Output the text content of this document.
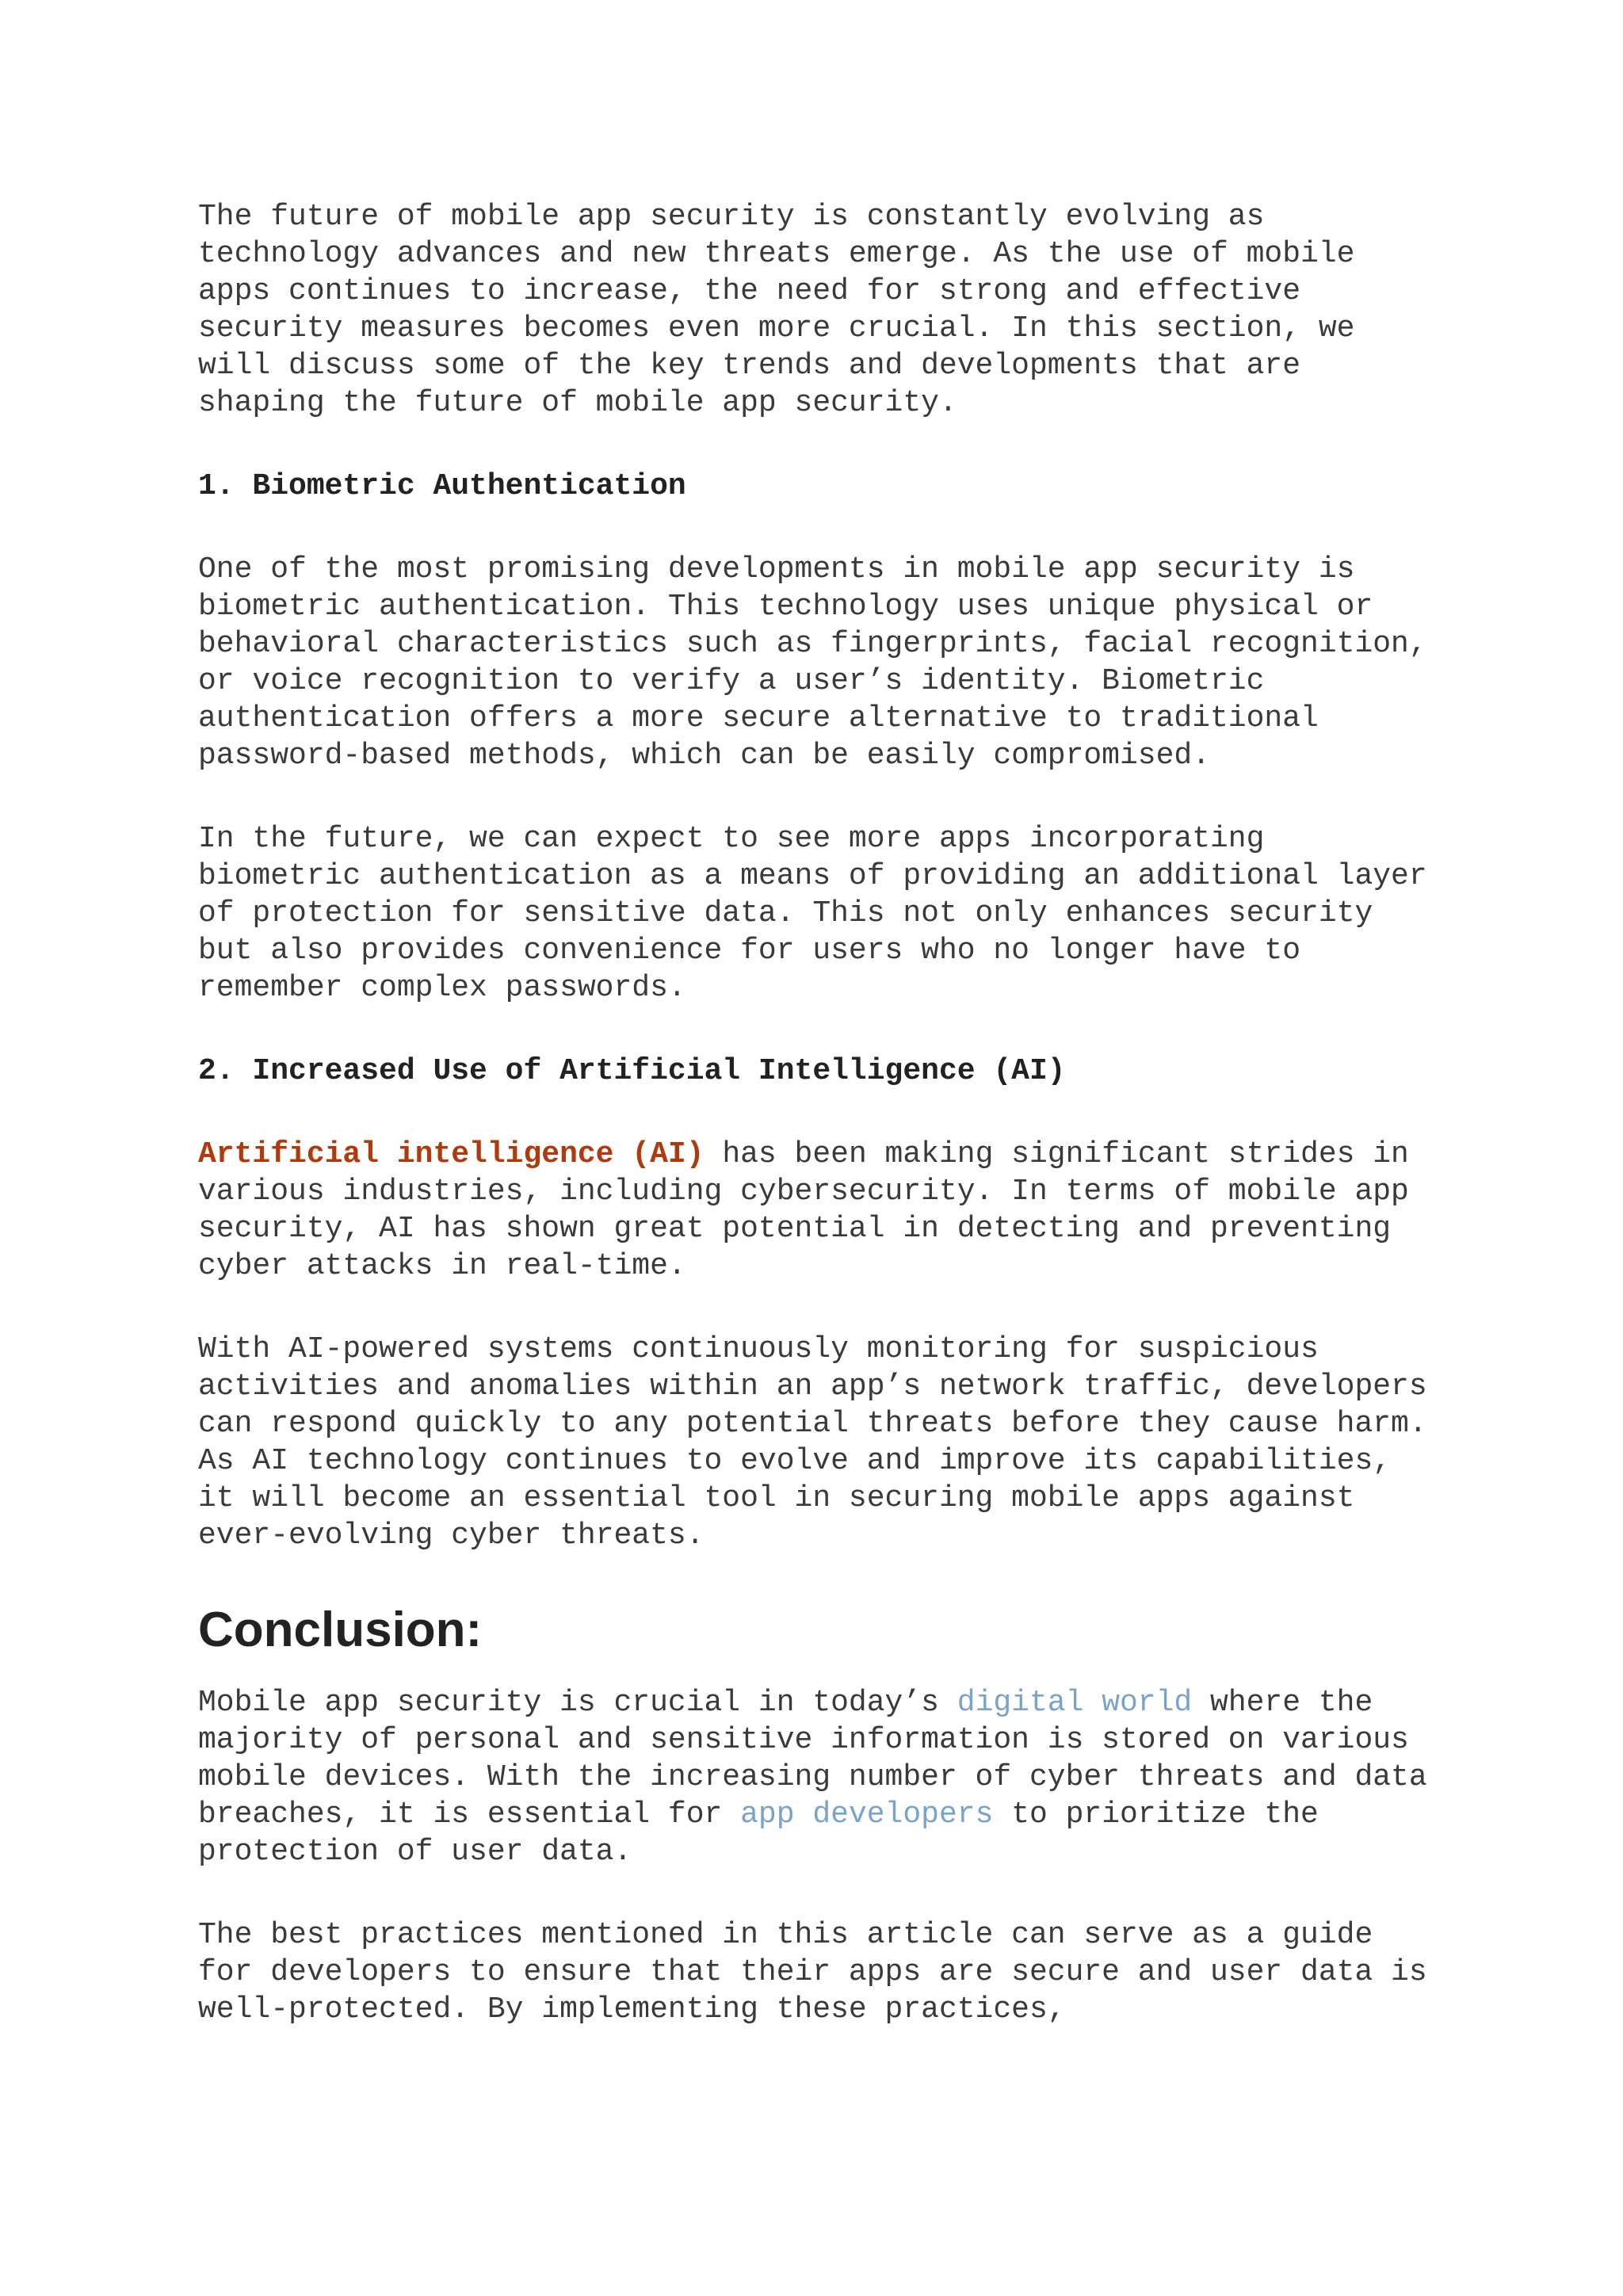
The future of mobile app security is constantly evolving as technology advances and new threats emerge. As the use of mobile apps continues to increase, the need for strong and effective security measures becomes even more crucial. In this section, we will discuss some of the key trends and developments that are shaping the future of mobile app security.

1. Biometric Authentication

One of the most promising developments in mobile app security is biometric authentication. This technology uses unique physical or behavioral characteristics such as fingerprints, facial recognition, or voice recognition to verify a user’s identity. Biometric authentication offers a more secure alternative to traditional password-based methods, which can be easily compromised.

In the future, we can expect to see more apps incorporating biometric authentication as a means of providing an additional layer of protection for sensitive data. This not only enhances security but also provides convenience for users who no longer have to remember complex passwords.

2. Increased Use of Artificial Intelligence (AI)

Artificial intelligence (AI) has been making significant strides in various industries, including cybersecurity. In terms of mobile app security, AI has shown great potential in detecting and preventing cyber attacks in real-time.

With AI-powered systems continuously monitoring for suspicious activities and anomalies within an app’s network traffic, developers can respond quickly to any potential threats before they cause harm. As AI technology continues to evolve and improve its capabilities, it will become an essential tool in securing mobile apps against ever-evolving cyber threats.

Conclusion:

Mobile app security is crucial in today’s digital world where the majority of personal and sensitive information is stored on various mobile devices. With the increasing number of cyber threats and data breaches, it is essential for app developers to prioritize the protection of user data.

The best practices mentioned in this article can serve as a guide for developers to ensure that their apps are secure and user data is well-protected. By implementing these practices,
